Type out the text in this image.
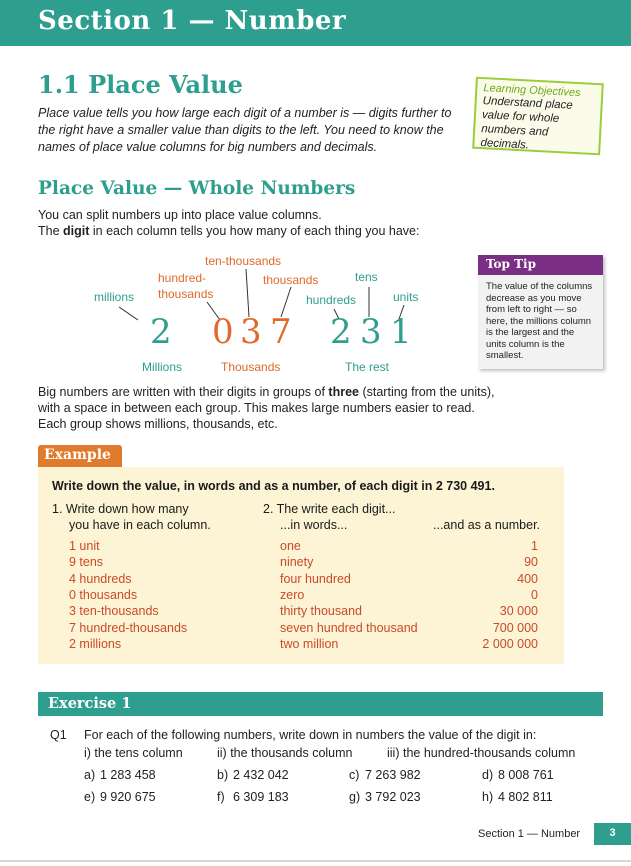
Section 1 — Number
1.1 Place Value
Place value tells you how large each digit of a number is — digits further to the right have a smaller value than digits to the left. You need to know the names of place value columns for big numbers and decimals.
Learning Objectives
Understand place value for whole numbers and decimals.
Place Value — Whole Numbers
You can split numbers up into place value columns.
The digit in each column tells you how many of each thing you have:
millions
hundred-
thousands
ten-thousands
thousands
hundreds
tens
units
2 0 3 7 2 3 1
Millions	Thousands	The rest
Top Tip
The value of the columns decrease as you move from left to right — so here, the millions column is the largest and the units column is the smallest.
Big numbers are written with their digits in groups of three (starting from the units),
with a space in between each group. This makes large numbers easier to read.
Each group shows millions, thousands, etc.
Example
Write down the value, in words and as a number, of each digit in 2 730 491.
1. Write down how many
you have in each column.
2. The write each digit...
...in words...	...and as a number.
1 unit	one	1
9 tens	ninety	90
4 hundreds	four hundred	400
0 thousands	zero	0
3 ten-thousands	thirty thousand	30 000
7 hundred-thousands	seven hundred thousand	700 000
2 millions	two million	2 000 000
Exercise 1
Q1 For each of the following numbers, write down in numbers the value of the digit in:
i) the tens column	ii) the thousands column	iii) the hundred-thousands column
a) 1 283 458	b) 2 432 042	c) 7 263 982	d) 8 008 761
e) 9 920 675	f) 6 309 183	g) 3 792 023	h) 4 802 811
Section 1 — Number	3
